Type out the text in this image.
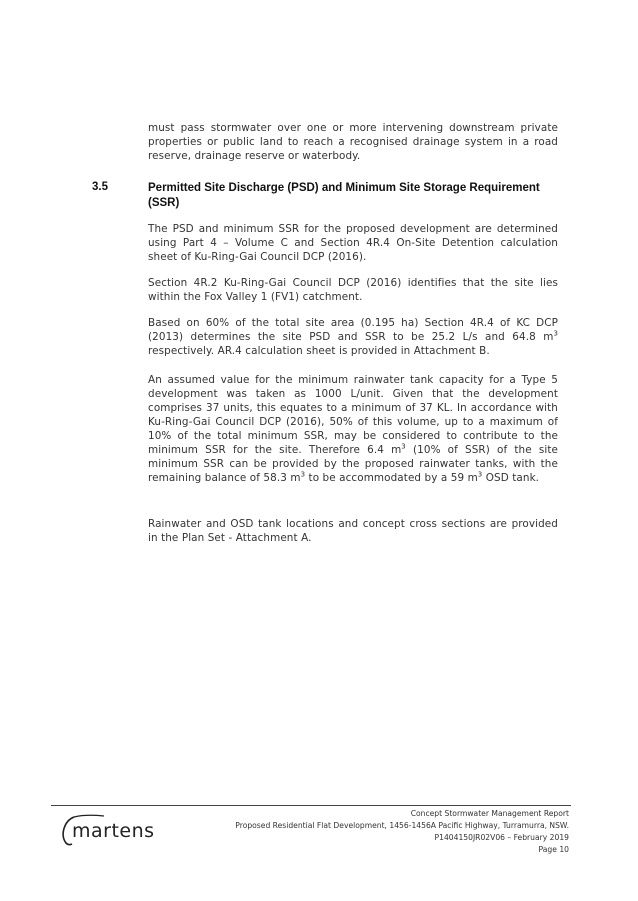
must pass stormwater over one or more intervening downstream private properties or public land to reach a recognised drainage system in a road reserve, drainage reserve or waterbody.

3.5	Permitted Site Discharge (PSD) and Minimum Site Storage Requirement (SSR)

The PSD and minimum SSR for the proposed development are determined using Part 4 – Volume C and Section 4R.4 On-Site Detention calculation sheet of Ku-Ring-Gai Council DCP (2016).

Section 4R.2 Ku-Ring-Gai Council DCP (2016) identifies that the site lies within the Fox Valley 1 (FV1) catchment.

Based on 60% of the total site area (0.195 ha) Section 4R.4 of KC DCP (2013) determines the site PSD and SSR to be 25.2 L/s and 64.8 $m^3$ respectively. AR.4 calculation sheet is provided in Attachment B.

An assumed value for the minimum rainwater tank capacity for a Type 5 development was taken as 1000 L/unit. Given that the development comprises 37 units, this equates to a minimum of 37 KL. In accordance with Ku-Ring-Gai Council DCP (2016), 50% of this volume, up to a maximum of 10% of the total minimum SSR, may be considered to contribute to the minimum SSR for the site. Therefore 6.4 $m^3$ (10% of SSR) of the site minimum SSR can be provided by the proposed rainwater tanks, with the remaining balance of 58.3 $m^3$ to be accommodated by a 59 $m^3$ OSD tank.

Rainwater and OSD tank locations and concept cross sections are provided in the Plan Set - Attachment A.

martens
Concept Stormwater Management Report
Proposed Residential Flat Development, 1456-1456A Pacific Highway, Turramurra, NSW.
P1404150JR02V06 – February 2019
Page 10
